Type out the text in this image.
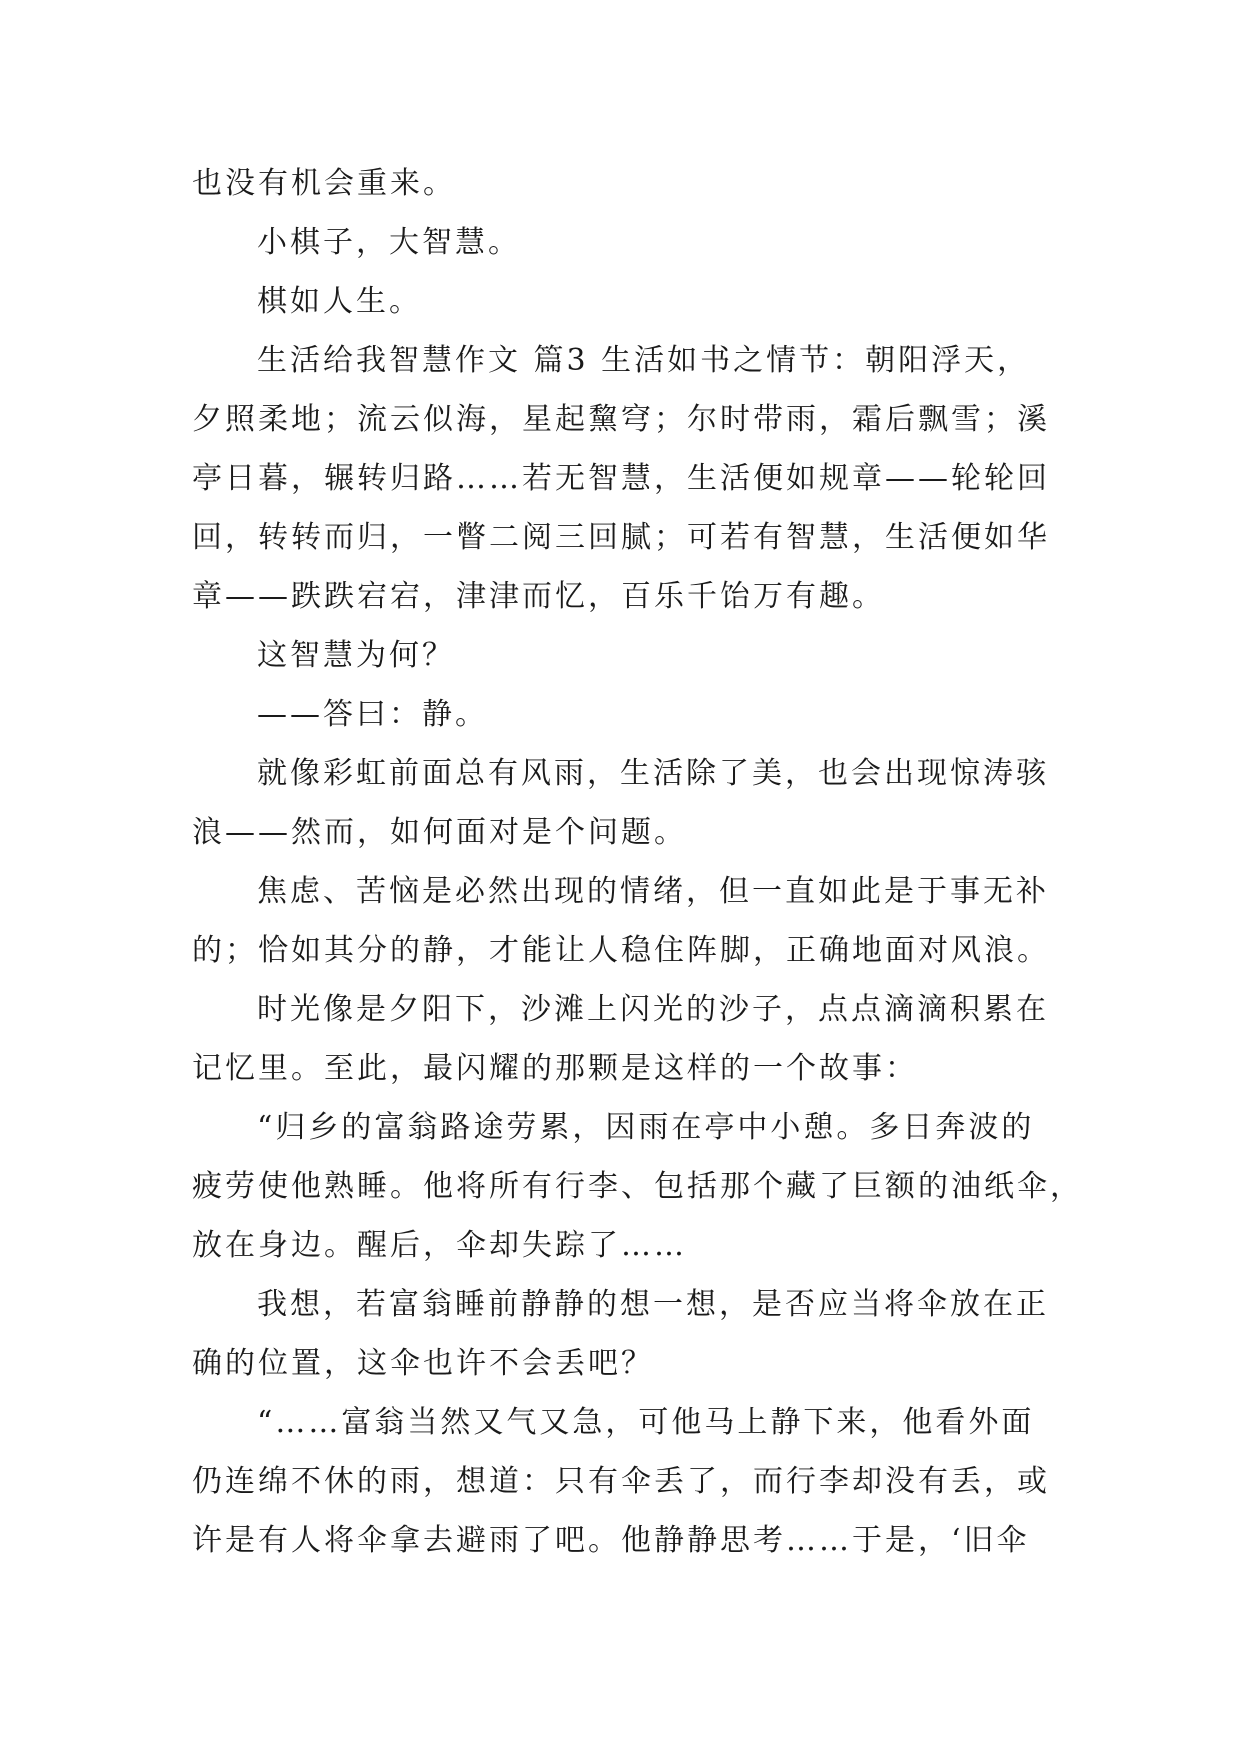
也没有机会重来。
小棋子，大智慧。
棋如人生。
生活给我智慧作文 篇3 生活如书之情节：朝阳浮天，
夕照柔地；流云似海，星起黧穹；尔时带雨，霜后飘雪；溪
亭日暮，辗转归路……若无智慧，生活便如规章——轮轮回
回，转转而归，一瞥二阅三回腻；可若有智慧，生活便如华
章——跌跌宕宕，津津而忆，百乐千饴万有趣。
这智慧为何？
——答曰：静。
就像彩虹前面总有风雨，生活除了美，也会出现惊涛骇
浪——然而，如何面对是个问题。
焦虑、苦恼是必然出现的情绪，但一直如此是于事无补
的；恰如其分的静，才能让人稳住阵脚，正确地面对风浪。
时光像是夕阳下，沙滩上闪光的沙子，点点滴滴积累在
记忆里。至此，最闪耀的那颗是这样的一个故事：
“归乡的富翁路途劳累，因雨在亭中小憩。多日奔波的
疲劳使他熟睡。他将所有行李、包括那个藏了巨额的油纸伞，
放在身边。醒后，伞却失踪了……
我想，若富翁睡前静静的想一想，是否应当将伞放在正
确的位置，这伞也许不会丢吧？
“……富翁当然又气又急，可他马上静下来，他看外面
仍连绵不休的雨，想道：只有伞丢了，而行李却没有丢，或
许是有人将伞拿去避雨了吧。他静静思考……于是，‘旧伞
